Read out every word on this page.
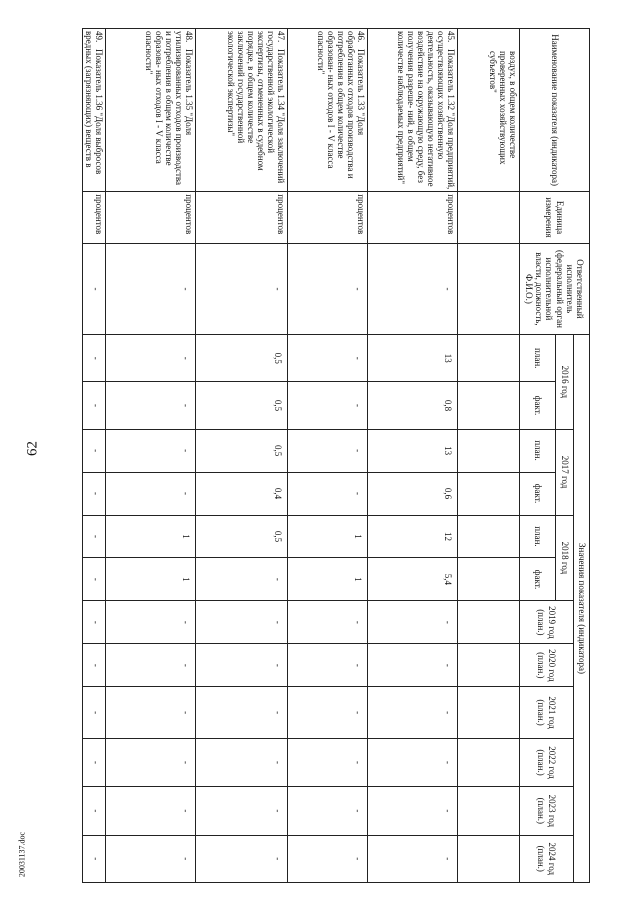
62
20031137.doc
Наименование показателя (индикатора)	Единица измерения	Ответственный исполнитель (федеральный орган исполнительной власти, должность, Ф.И.О.)	Значения показателя (индикатора)											
			2016 год		2017 год		2018 год		2019 год (план.)	2020 год (план.)	2021 год (план.)	2022 год (план.)	2023 год (план.)	2024 год (план.)
			план.	факт.	план.	факт.	план.	факт.						
воздух, в общем количестве проверенных хозяйствующих субъектов"														
45.Показатель 1.32 "Доля предприятий, осуществляющих хозяйственную деятельность, оказывающую негативное воздействие на окружающую среду, без получения разреше- ний, в общем количестве наблюдаемых предприятий"	процентов	-	13	0,8	13	0,6	12	5,4	-	-	-	-	-	-
46.Показатель 1.33 "Доля обработанных отходов производства и потребления в общем количестве образован- ных отходов I - V класса опасности"	процентов	-	-	-	-	-	1	1	-	-	-	-	-	-
47.Показатель 1.34 "Доля заключений государственной экологической экспертизы, отмененных в судебном порядке, в общем количестве заключений государственной экологической экспертизы"	процентов	-	0,5	0,5	0,5	0,4	0,5	-	-	-	-	-	-	-
48.Показатель 1.35 "Доля утилизированных отходов производства и потребления в общем количестве образова- ных отходов I - V класса опасности"	процентов	-	-	-	-	-	1	1	-	-	-	-	-	-
49.Показатель 1.36 "Доля выбросов вредных (загрязняющих) веществ в	процентов	-	-	-	-	-	-	-	-	-	-	-	-	-
